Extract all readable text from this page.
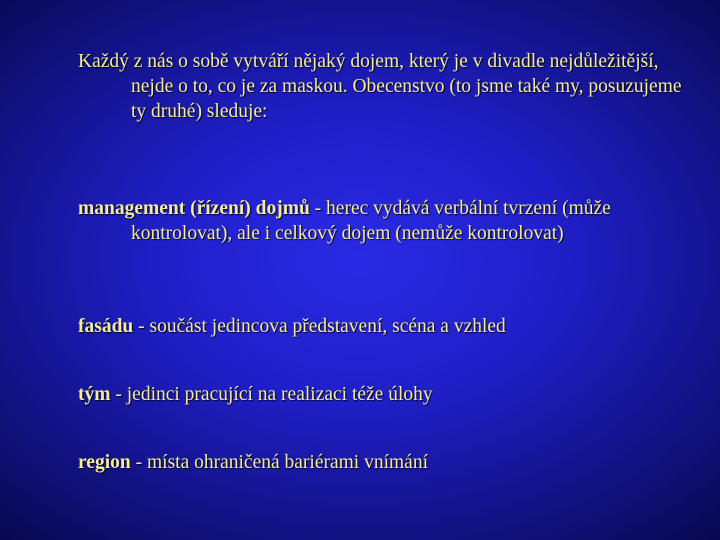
Každý z nás o sobě vytváří nějaký dojem, který je v divadle nejdůležitější, nejde o to, co je za maskou. Obecenstvo (to jsme také my, posuzujeme ty druhé) sleduje:

management (řízení) dojmů - herec vydává verbální tvrzení (může kontrolovat), ale i celkový dojem (nemůže kontrolovat)

fasádu - součást jedincova představení, scéna a vzhled

tým - jedinci pracující na realizaci téže úlohy

region - místa ohraničená bariérami vnímání
